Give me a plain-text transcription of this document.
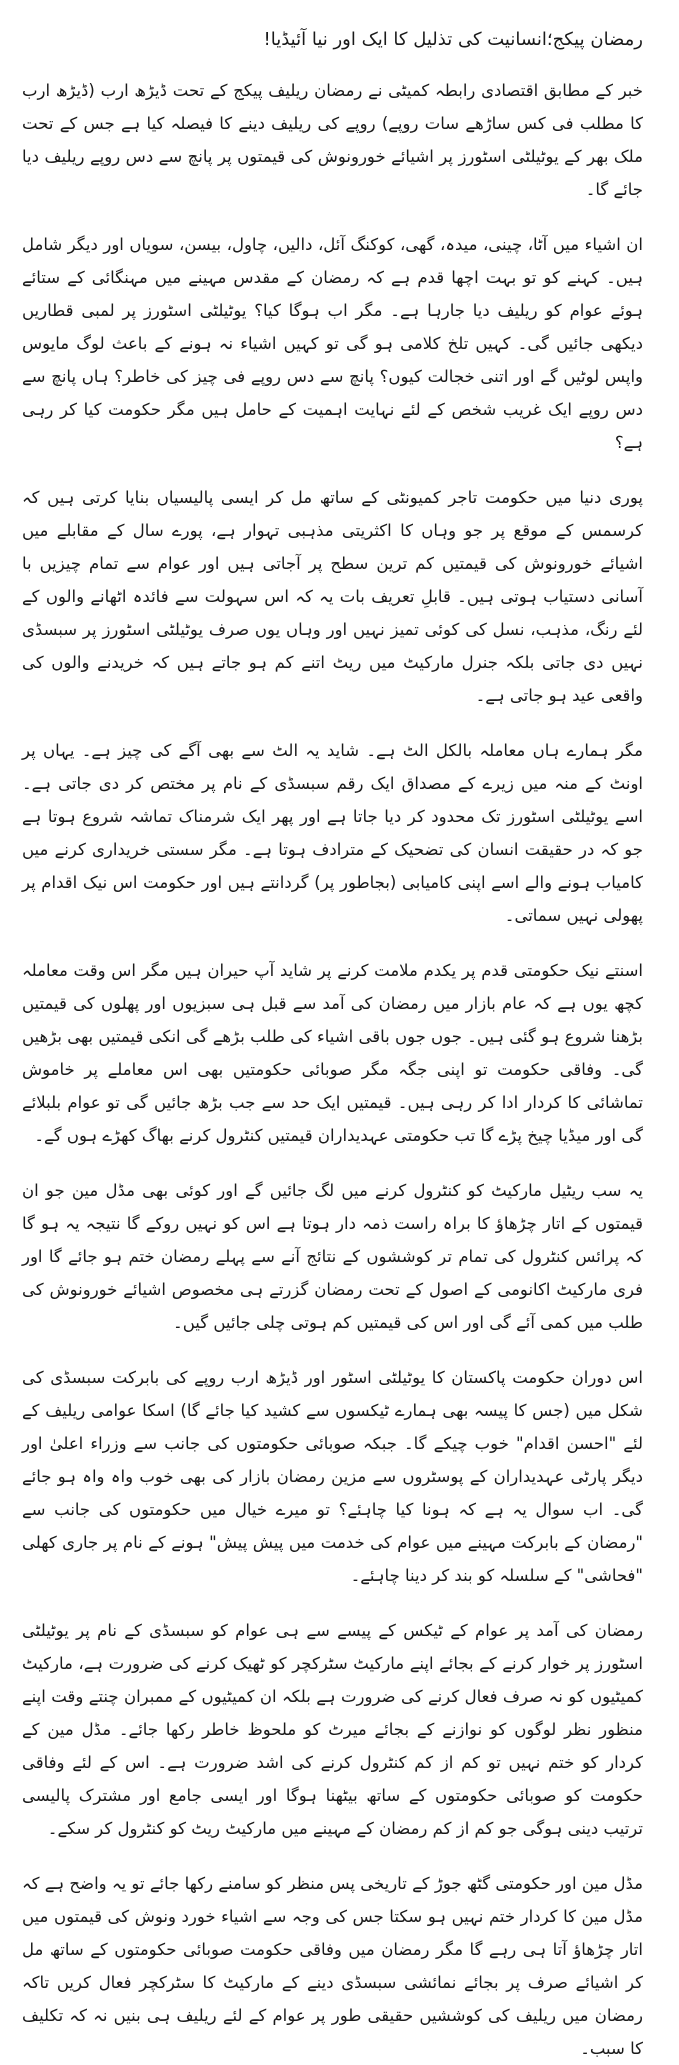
رمضان پیکج؛انسانیت کی تذلیل کا ایک اور نیا آئیڈیا!

خبر کے مطابق اقتصادی رابطہ کمیٹی نے رمضان ریلیف پیکج کے تحت ڈیڑھ ارب (ڈیڑھ ارب کا مطلب فی کس ساڑھے سات روپے) روپے کی ریلیف دینے کا فیصلہ کیا ہے جس کے تحت ملک بھر کے یوٹیلٹی اسٹورز پر اشیائے خورونوش کی قیمتوں پر پانچ سے دس روپے ریلیف دیا جائے گا۔

ان اشیاء میں آٹا، چینی، میدہ، گھی، کوکنگ آئل، دالیں، چاول، بیسن، سویاں اور دیگر شامل ہیں۔ کہنے کو تو بہت اچھا قدم ہے کہ رمضان کے مقدس مہینے میں مہنگائی کے ستائے ہوئے عوام کو ریلیف دیا جارہا ہے۔ مگر اب ہوگا کیا؟ یوٹیلٹی اسٹورز پر لمبی قطاریں دیکھی جائیں گی۔ کہیں تلخ کلامی ہو گی تو کہیں اشیاء نہ ہونے کے باعث لوگ مایوس واپس لوٹیں گے اور اتنی خجالت کیوں؟ پانچ سے دس روپے فی چیز کی خاطر؟ ہاں پانچ سے دس روپے ایک غریب شخص کے لئے نہایت اہمیت کے حامل ہیں مگر حکومت کیا کر رہی ہے؟

پوری دنیا میں حکومت تاجر کمیونٹی کے ساتھ مل کر ایسی پالیسیاں بنایا کرتی ہیں کہ کرسمس کے موقع پر جو وہاں کا اکثریتی مذہبی تہوار ہے، پورے سال کے مقابلے میں اشیائے خورونوش کی قیمتیں کم ترین سطح پر آجاتی ہیں اور عوام سے تمام چیزیں با آسانی دستیاب ہوتی ہیں۔ قابلِ تعریف بات یہ کہ اس سہولت سے فائدہ اٹھانے والوں کے لئے رنگ، مذہب، نسل کی کوئی تمیز نہیں اور وہاں یوں صرف یوٹیلٹی اسٹورز پر سبسڈی نہیں دی جاتی بلکہ جنرل مارکیٹ میں ریٹ اتنے کم ہو جاتے ہیں کہ خریدنے والوں کی واقعی عید ہو جاتی ہے۔

مگر ہمارے ہاں معاملہ بالکل الٹ ہے۔ شاید یہ الٹ سے بھی آگے کی چیز ہے۔ یہاں پر اونٹ کے منہ میں زیرے کے مصداق ایک رقم سبسڈی کے نام پر مختص کر دی جاتی ہے۔ اسے یوٹیلٹی اسٹورز تک محدود کر دیا جاتا ہے اور پھر ایک شرمناک تماشہ شروع ہوتا ہے جو کہ در حقیقت انسان کی تضحیک کے مترادف ہوتا ہے۔ مگر سستی خریداری کرنے میں کامیاب ہونے والے اسے اپنی کامیابی (بجاطور پر) گردانتے ہیں اور حکومت اس نیک اقدام پر پھولی نہیں سماتی۔

اسنتے نیک حکومتی قدم پر یکدم ملامت کرنے پر شاید آپ حیران ہیں مگر اس وقت معاملہ کچھ یوں ہے کہ عام بازار میں رمضان کی آمد سے قبل ہی سبزیوں اور پھلوں کی قیمتیں بڑھنا شروع ہو گئی ہیں۔ جوں جوں باقی اشیاء کی طلب بڑھے گی انکی قیمتیں بھی بڑھیں گی۔ وفاقی حکومت تو اپنی جگہ مگر صوبائی حکومتیں بھی اس معاملے پر خاموش تماشائی کا کردار ادا کر رہی ہیں۔ قیمتیں ایک حد سے جب بڑھ جائیں گی تو عوام بلبلائے گی اور میڈیا چیخ پڑے گا تب حکومتی عہدیداران قیمتیں کنٹرول کرنے بھاگ کھڑے ہوں گے۔

یہ سب ریٹیل مارکیٹ کو کنٹرول کرنے میں لگ جائیں گے اور کوئی بھی مڈل مین جو ان قیمتوں کے اتار چڑھاؤ کا براہ راست ذمہ دار ہوتا ہے اس کو نہیں روکے گا نتیجہ یہ ہو گا کہ پرائس کنٹرول کی تمام تر کوششوں کے نتائج آنے سے پہلے رمضان ختم ہو جائے گا اور فری مارکیٹ اکانومی کے اصول کے تحت رمضان گزرتے ہی مخصوص اشیائے خورونوش کی طلب میں کمی آئے گی اور اس کی قیمتیں کم ہوتی چلی جائیں گیں۔

اس دوران حکومت پاکستان کا یوٹیلٹی اسٹور اور ڈیڑھ ارب روپے کی بابرکت سبسڈی کی شکل میں (جس کا پیسہ بھی ہمارے ٹیکسوں سے کشید کیا جائے گا) اسکا عوامی ریلیف کے لئے "احسن اقدام" خوب چیکے گا۔ جبکہ صوبائی حکومتوں کی جانب سے وزراء اعلیٰ اور دیگر پارٹی عہدیداران کے پوسٹروں سے مزین رمضان بازار کی بھی خوب واہ واہ ہو جائے گی۔ اب سوال یہ ہے کہ ہونا کیا چاہئے؟ تو میرے خیال میں حکومتوں کی جانب سے "رمضان کے بابرکت مہینے میں عوام کی خدمت میں پیش پیش" ہونے کے نام پر جاری کھلی "فحاشی" کے سلسلہ کو بند کر دینا چاہئے۔

رمضان کی آمد پر عوام کے ٹیکس کے پیسے سے ہی عوام کو سبسڈی کے نام پر یوٹیلٹی اسٹورز پر خوار کرنے کے بجائے اپنے مارکیٹ سٹرکچر کو ٹھیک کرنے کی ضرورت ہے، مارکیٹ کمیٹیوں کو نہ صرف فعال کرنے کی ضرورت ہے بلکہ ان کمیٹیوں کے ممبران چنتے وقت اپنے منظور نظر لوگوں کو نوازنے کے بجائے میرٹ کو ملحوظ خاطر رکھا جائے۔ مڈل مین کے کردار کو ختم نہیں تو کم از کم کنٹرول کرنے کی اشد ضرورت ہے۔ اس کے لئے وفاقی حکومت کو صوبائی حکومتوں کے ساتھ بیٹھنا ہوگا اور ایسی جامع اور مشترک پالیسی ترتیب دینی ہوگی جو کم از کم رمضان کے مہینے میں مارکیٹ ریٹ کو کنٹرول کر سکے۔

مڈل مین اور حکومتی گٹھ جوڑ کے تاریخی پس منظر کو سامنے رکھا جائے تو یہ واضح ہے کہ مڈل مین کا کردار ختم نہیں ہو سکتا جس کی وجہ سے اشیاء خورد ونوش کی قیمتوں میں اتار چڑھاؤ آتا ہی رہے گا مگر رمضان میں وفاقی حکومت صوبائی حکومتوں کے ساتھ مل کر اشیائے صرف پر بجائے نمائشی سبسڈی دینے کے مارکیٹ کا سٹرکچر فعال کریں تاکہ رمضان میں ریلیف کی کوششیں حقیقی طور پر عوام کے لئے ریلیف ہی بنیں نہ کہ تکلیف کا سبب۔
